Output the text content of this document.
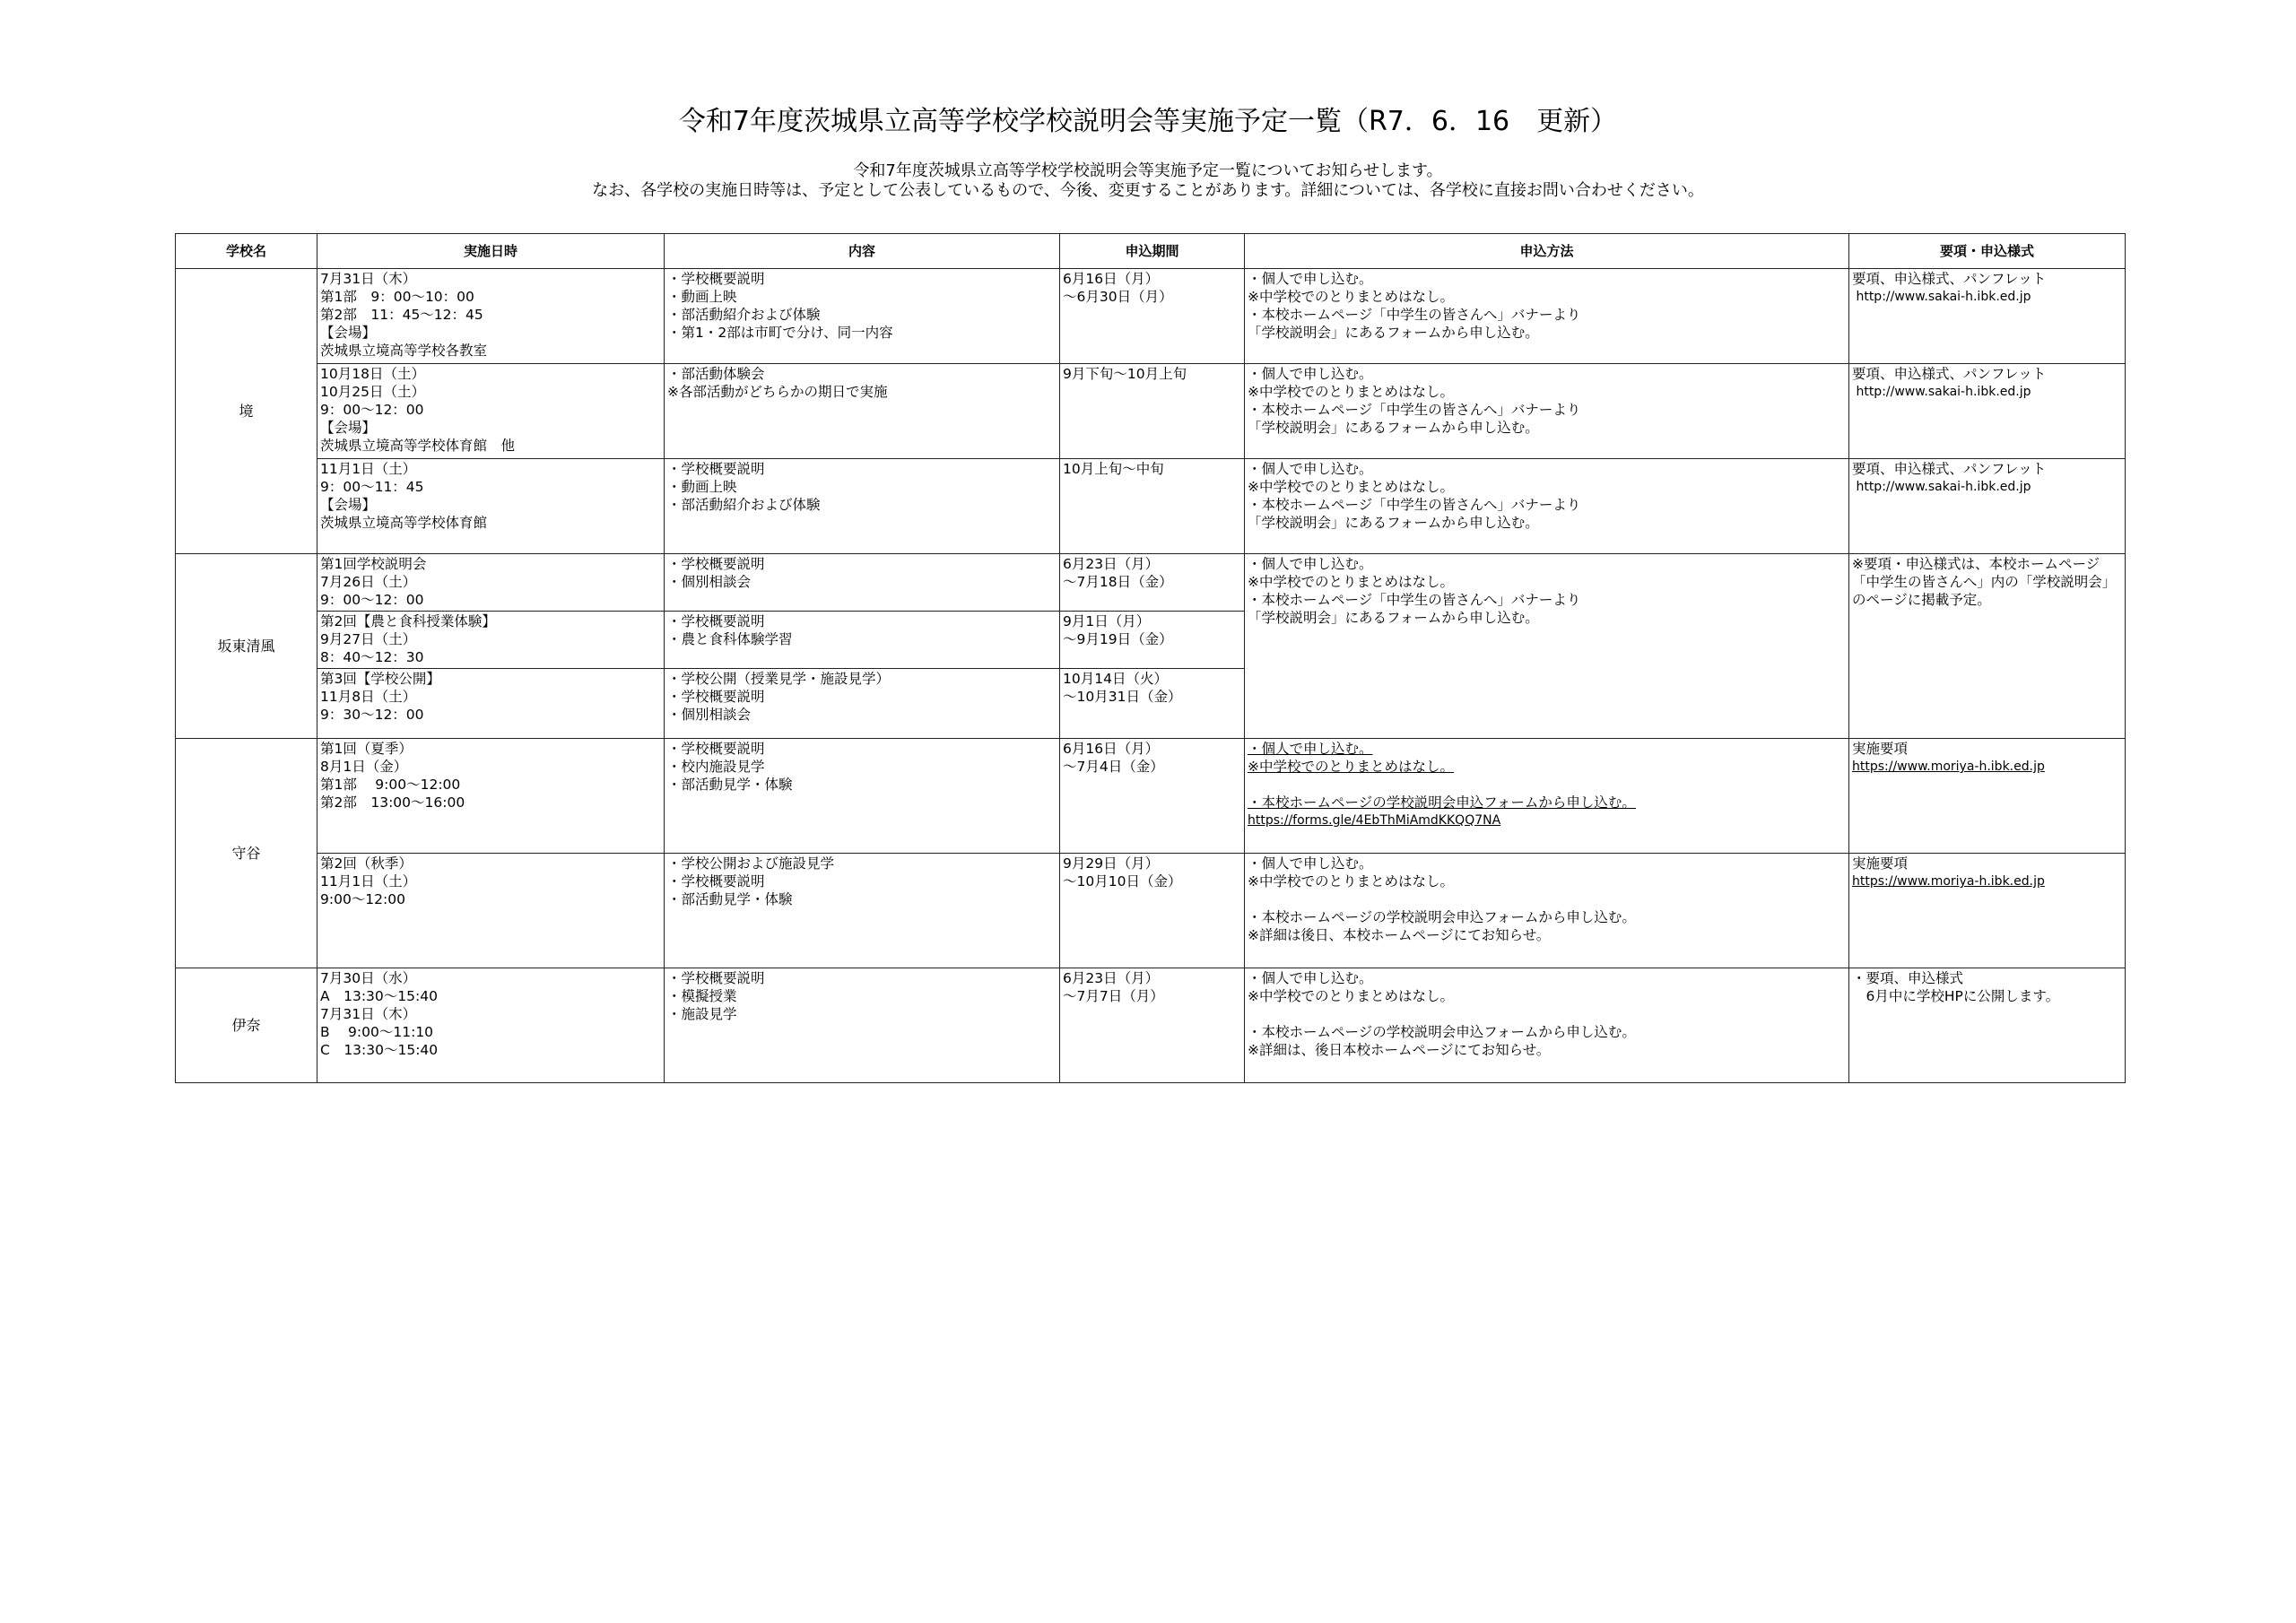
令和7年度茨城県立高等学校学校説明会等実施予定一覧（R7．6．16　更新）
令和7年度茨城県立高等学校学校説明会等実施予定一覧についてお知らせします。
なお、各学校の実施日時等は、予定として公表しているもので、今後、変更することがあります。詳細については、各学校に直接お問い合わせください。
学校名	実施日時	内容	申込期間	申込方法	要項・申込様式
境	7月31日（木）
第1部　9：00～10：00
第2部　11：45～12：45
【会場】
茨城県立境高等学校各教室	・学校概要説明
・動画上映
・部活動紹介および体験
・第1・2部は市町で分け、同一内容	6月16日（月）
～6月30日（月）	・個人で申し込む。
※中学校でのとりまとめはなし。
・本校ホームページ「中学生の皆さんへ」バナーより
「学校説明会」にあるフォームから申し込む。	要項、申込様式、パンフレット
http://www.sakai-h.ibk.ed.jp

	10月18日（土）
10月25日（土）
9：00～12：00
【会場】
茨城県立境高等学校体育館　他	・部活動体験会
※各部活動がどちらかの期日で実施	9月下旬～10月上旬	・個人で申し込む。
※中学校でのとりまとめはなし。
・本校ホームページ「中学生の皆さんへ」バナーより
「学校説明会」にあるフォームから申し込む。	要項、申込様式、パンフレット
http://www.sakai-h.ibk.ed.jp

	11月1日（土）
9：00～11：45
【会場】
茨城県立境高等学校体育館	・学校概要説明
・動画上映
・部活動紹介および体験	10月上旬～中旬	・個人で申し込む。
※中学校でのとりまとめはなし。
・本校ホームページ「中学生の皆さんへ」バナーより
「学校説明会」にあるフォームから申し込む。	要項、申込様式、パンフレット
http://www.sakai-h.ibk.ed.jp

坂東清風	第1回学校説明会
7月26日（土）
9：00～12：00	・学校概要説明
・個別相談会	6月23日（月）
～7月18日（金）	・個人で申し込む。
※中学校でのとりまとめはなし。
・本校ホームページ「中学生の皆さんへ」バナーより
「学校説明会」にあるフォームから申し込む。	※要項・申込様式は、本校ホームページ
「中学生の皆さんへ」内の「学校説明会」
のページに掲載予定。

	第2回【農と食科授業体験】
9月27日（土）
8：40～12：30	・学校概要説明
・農と食科体験学習	9月1日（月）
～9月19日（金）		

	第3回【学校公開】
11月8日（土）
9：30～12：00	・学校公開（授業見学・施設見学）
・学校概要説明
・個別相談会	10月14日（火）
～10月31日（金）		

守谷	第1回（夏季）
8月1日（金）
第1部　 9:00～12:00
第2部　13:00～16:00	・学校概要説明
・校内施設見学
・部活動見学・体験	6月16日（月）
～7月4日（金）	・個人で申し込む。
※中学校でのとりまとめはなし。
・本校ホームページの学校説明会申込フォームから申し込む。
https://forms.gle/4EbThMiAmdKKQQ7NA	実施要項
https://www.moriya-h.ibk.ed.jp

	第2回（秋季）
11月1日（土）
9:00～12:00	・学校公開および施設見学
・学校概要説明
・部活動見学・体験	9月29日（月）
～10月10日（金）	・個人で申し込む。
※中学校でのとりまとめはなし。
・本校ホームページの学校説明会申込フォームから申し込む。
※詳細は後日、本校ホームページにてお知らせ。	実施要項
https://www.moriya-h.ibk.ed.jp

伊奈	7月30日（水）
A　13:30～15:40
7月31日（木）
B　 9:00～11:10
C　13:30～15:40	・学校概要説明
・模擬授業
・施設見学	6月23日（月）
～7月7日（月）	・個人で申し込む。
※中学校でのとりまとめはなし。
・本校ホームページの学校説明会申込フォームから申し込む。
※詳細は、後日本校ホームページにてお知らせ。	・要項、申込様式
　6月中に学校HPに公開します。
